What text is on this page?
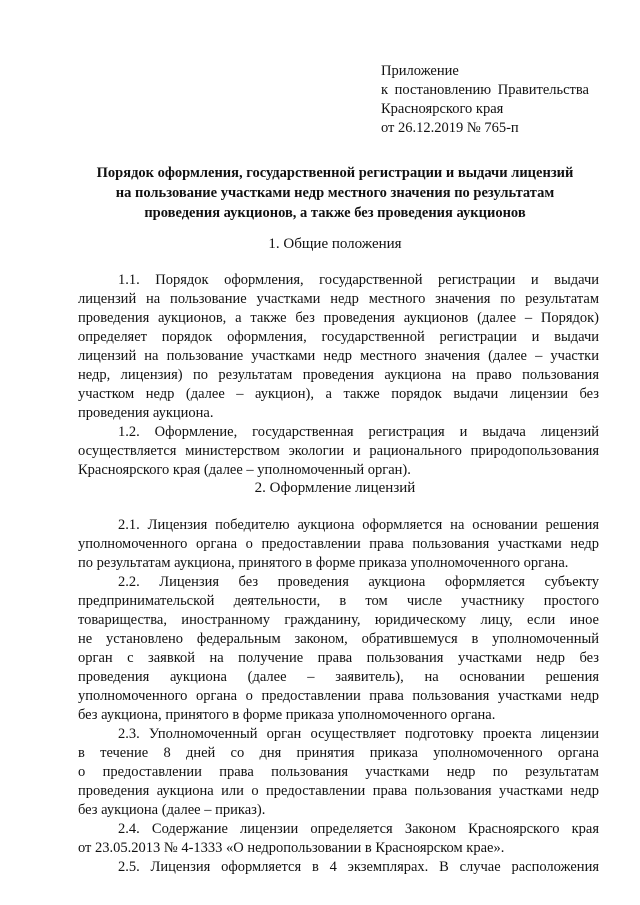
Приложение
к постановлению Правительства
Красноярского края
от 26.12.2019 № 765-п
Порядок оформления, государственной регистрации и выдачи лицензий
на пользование участками недр местного значения по результатам
проведения аукционов, а также без проведения аукционов
1. Общие положения
1.1. Порядок оформления, государственной регистрации и выдачи
лицензий на пользование участками недр местного значения по результатам
проведения аукционов, а также без проведения аукционов (далее – Порядок)
определяет порядок оформления, государственной регистрации и выдачи
лицензий на пользование участками недр местного значения (далее – участки
недр, лицензия) по результатам проведения аукциона на право пользования
участком недр (далее – аукцион), а также порядок выдачи лицензии без
проведения аукциона.
1.2. Оформление, государственная регистрация и выдача лицензий
осуществляется министерством экологии и рационального природопользования
Красноярского края (далее – уполномоченный орган).
2. Оформление лицензий
2.1. Лицензия победителю аукциона оформляется на основании решения
уполномоченного органа о предоставлении права пользования участками недр
по результатам аукциона, принятого в форме приказа уполномоченного органа.
2.2. Лицензия без проведения аукциона оформляется субъекту
предпринимательской деятельности, в том числе участнику простого
товарищества, иностранному гражданину, юридическому лицу, если иное
не установлено федеральным законом, обратившемуся в уполномоченный
орган с заявкой на получение права пользования участками недр без
проведения аукциона (далее – заявитель), на основании решения
уполномоченного органа о предоставлении права пользования участками недр
без аукциона, принятого в форме приказа уполномоченного органа.
2.3. Уполномоченный орган осуществляет подготовку проекта лицензии
в течение 8 дней со дня принятия приказа уполномоченного органа
о предоставлении права пользования участками недр по результатам
проведения аукциона или о предоставлении права пользования участками недр
без аукциона (далее – приказ).
2.4. Содержание лицензии определяется Законом Красноярского края
от 23.05.2013 № 4-1333 «О недропользовании в Красноярском крае».
2.5. Лицензия оформляется в 4 экземплярах. В случае расположения
